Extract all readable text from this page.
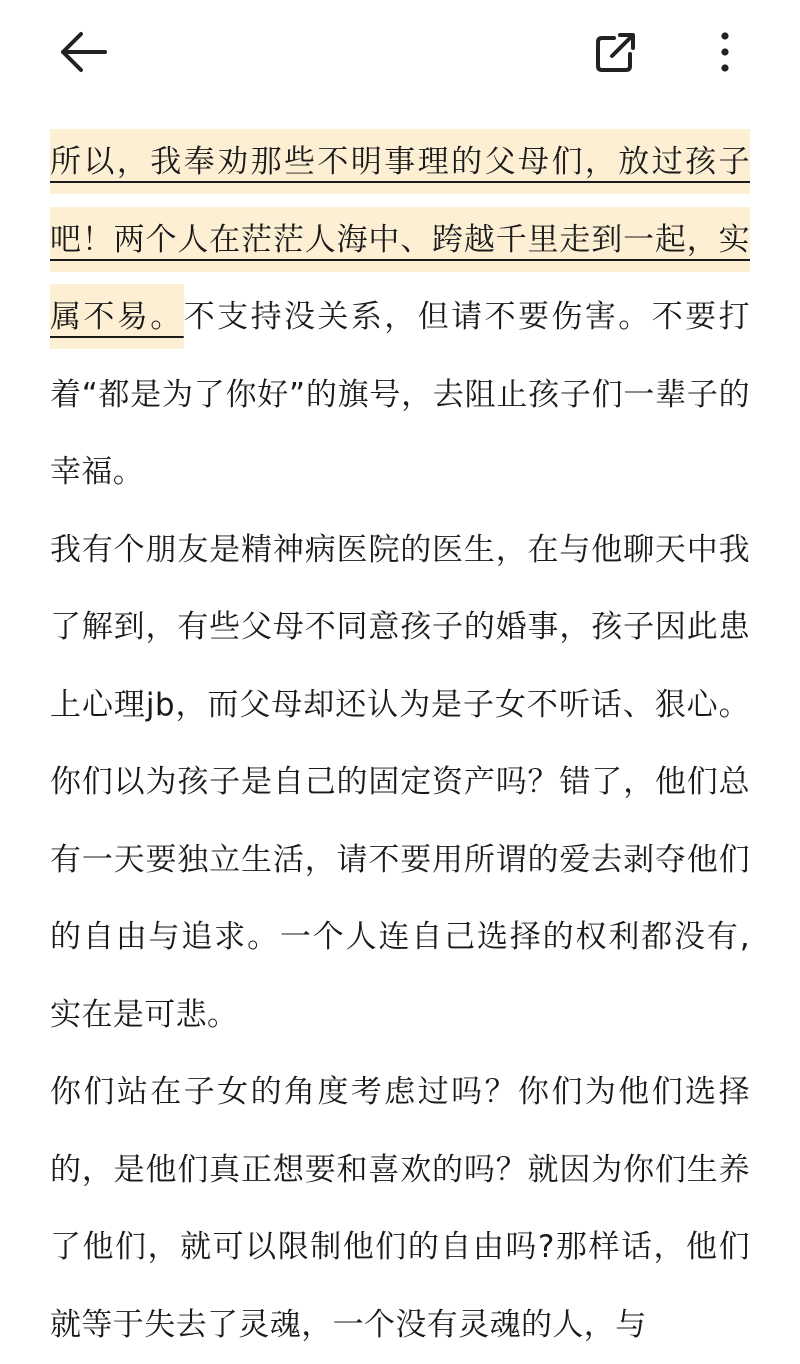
所以，我奉劝那些不明事理的父母们，放过孩子吧！两个人在茫茫人海中、跨越千里走到一起，实属不易。不支持没关系，但请不要伤害。不要打着“都是为了你好”的旗号，去阻止孩子们一辈子的幸福。

我有个朋友是精神病医院的医生，在与他聊天中我了解到，有些父母不同意孩子的婚事，孩子因此患上心理jb，而父母却还认为是子女不听话、狠心。你们以为孩子是自己的固定资产吗？错了，他们总有一天要独立生活，请不要用所谓的爱去剥夺他们的自由与追求。一个人连自己选择的权利都没有,实在是可悲。

你们站在子女的角度考虑过吗？你们为他们选择的，是他们真正想要和喜欢的吗？就因为你们生养了他们，就可以限制他们的自由吗?那样话，他们就等于失去了灵魂，一个没有灵魂的人，与
